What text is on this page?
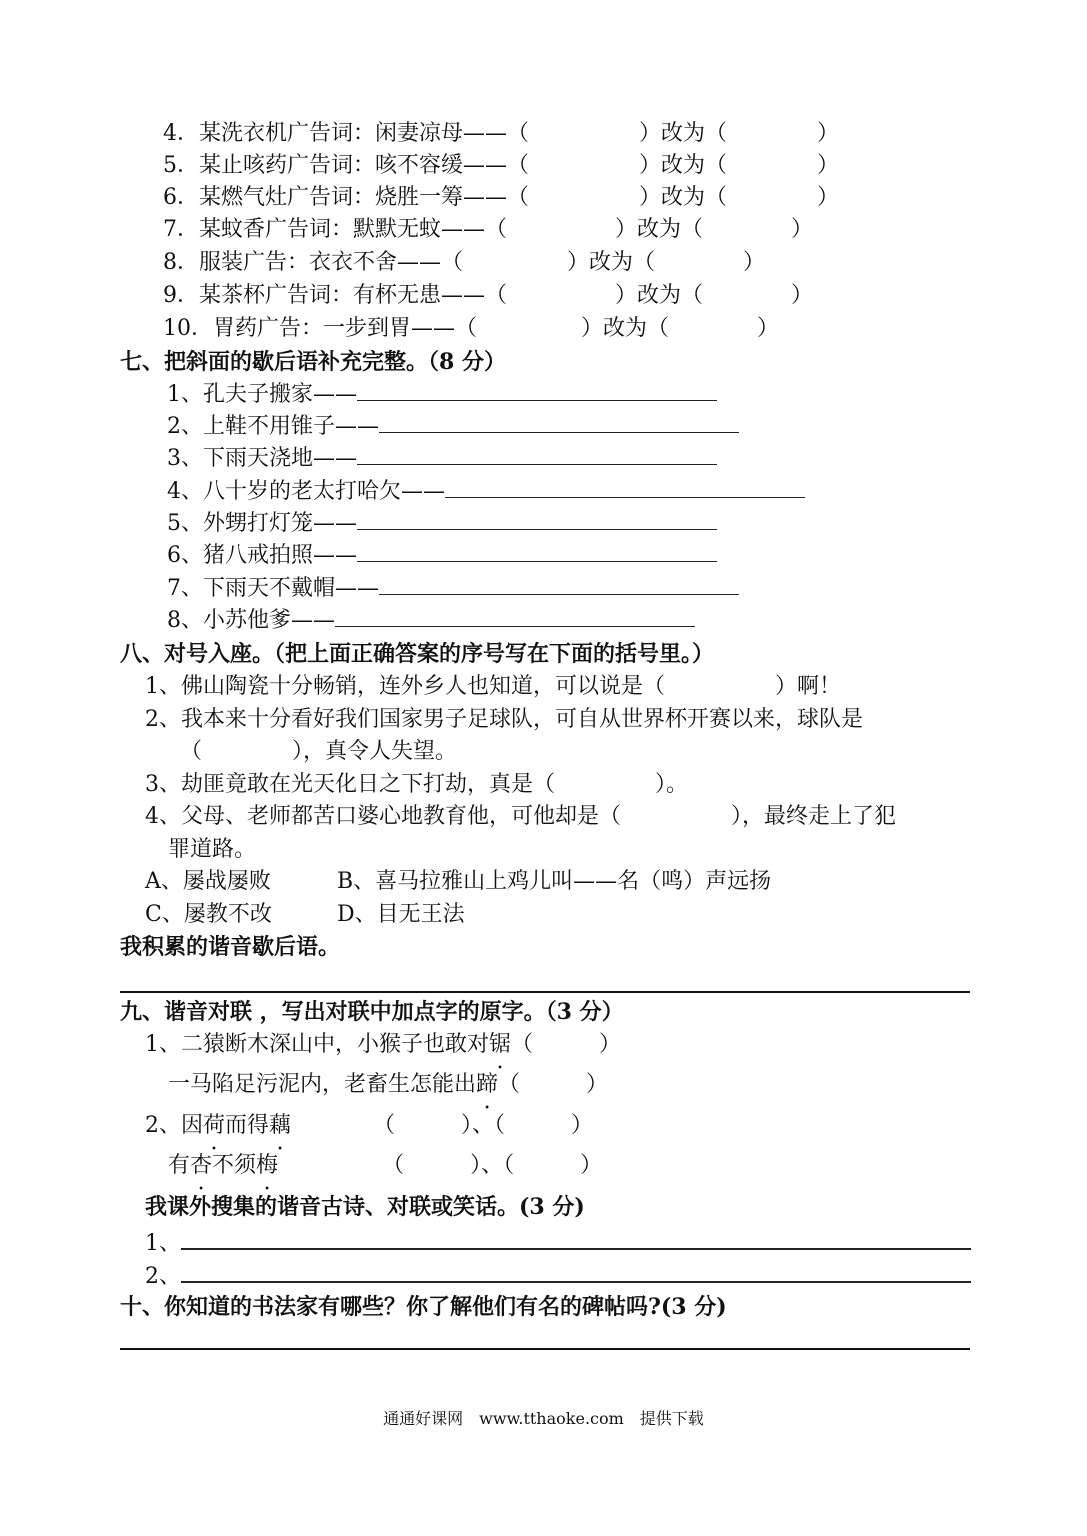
4．某洗衣机广告词：闲妻凉母——（	）改为（	）
5．某止咳药广告词：咳不容缓——（	）改为（	）
6．某燃气灶广告词：烧胜一筹——（	）改为（	）
7．某蚊香广告词：默默无蚊——（	）改为（	）
8．服装广告：衣衣不舍——（	）改为（	）
9．某茶杯广告词：有杯无患——（	）改为（	）
10．胃药广告：一步到胃——（	）改为（	）
七、把斜面的歇后语补充完整。（8 分）
1、孔夫子搬家——
2、上鞋不用锥子——
3、下雨天浇地——
4、八十岁的老太打哈欠——
5、外甥打灯笼——
6、猪八戒拍照——
7、下雨天不戴帽——
8、小苏他爹——
八、对号入座。（把上面正确答案的序号写在下面的括号里。）
1、佛山陶瓷十分畅销，连外乡人也知道，可以说是（	）啊！
2、我本来十分看好我们国家男子足球队，可自从世界杯开赛以来，球队是
（	），真令人失望。
3、劫匪竟敢在光天化日之下打劫，真是（	）。
4、父母、老师都苦口婆心地教育他，可他却是（	），最终走上了犯
罪道路。
A、屡战屡败	B、喜马拉雅山上鸡儿叫——名（鸣）声远扬
C、屡教不改	D、目无王法
我积累的谐音歇后语。
九、谐音对联 ，写出对联中加点字的原字。（3 分）
1、二猿断木深山中，小猴子也敢对锯（　　　）
一马陷足污泥内，老畜生怎能出蹄（　　　）
2、因荷而得藕	（　　　）、（　　　）
有杏不须梅	（　　　）、（　　　）
我课外搜集的谐音古诗、对联或笑话。(3 分)
1、
2、
十、你知道的书法家有哪些？你了解他们有名的碑帖吗?(3 分)
通通好课网　www.tthaoke.com　提供下载
